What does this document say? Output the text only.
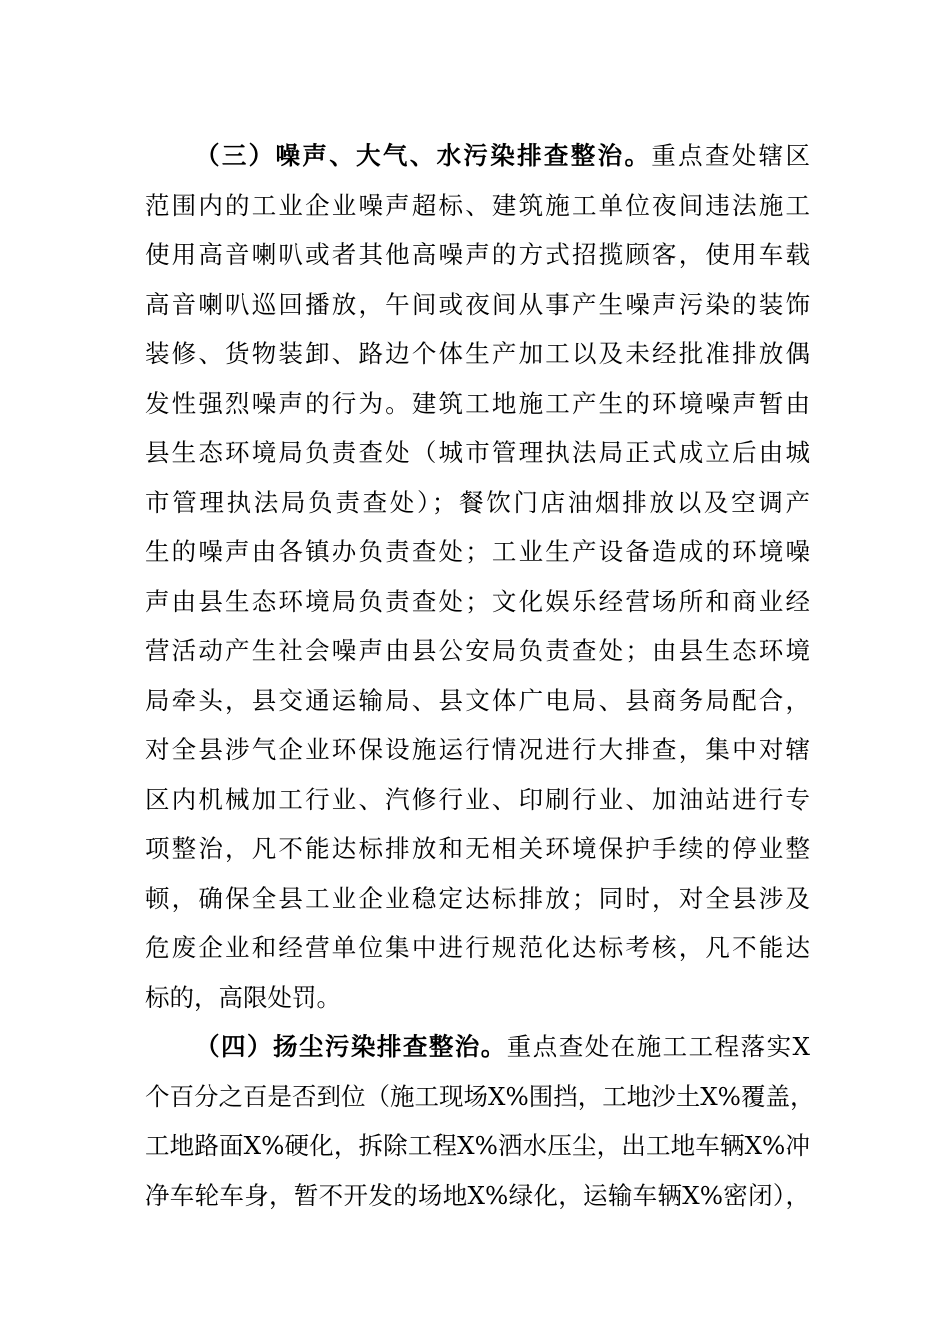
（三）噪声、大气、水污染排查整治。重点查处辖区
范围内的工业企业噪声超标、建筑施工单位夜间违法施工
使用高音喇叭或者其他高噪声的方式招揽顾客，使用车载
高音喇叭巡回播放，午间或夜间从事产生噪声污染的装饰
装修、货物装卸、路边个体生产加工以及未经批准排放偶
发性强烈噪声的行为。建筑工地施工产生的环境噪声暂由
县生态环境局负责查处（城市管理执法局正式成立后由城
市管理执法局负责查处）；餐饮门店油烟排放以及空调产
生的噪声由各镇办负责查处；工业生产设备造成的环境噪
声由县生态环境局负责查处；文化娱乐经营场所和商业经
营活动产生社会噪声由县公安局负责查处；由县生态环境
局牵头，县交通运输局、县文体广电局、县商务局配合，
对全县涉气企业环保设施运行情况进行大排查，集中对辖
区内机械加工行业、汽修行业、印刷行业、加油站进行专
项整治，凡不能达标排放和无相关环境保护手续的停业整
顿，确保全县工业企业稳定达标排放；同时，对全县涉及
危废企业和经营单位集中进行规范化达标考核，凡不能达
标的，高限处罚。
（四）扬尘污染排查整治。重点查处在施工工程落实X
个百分之百是否到位（施工现场X%围挡，工地沙土X%覆盖，
工地路面X%硬化，拆除工程X%洒水压尘，出工地车辆X%冲
净车轮车身，暂不开发的场地X%绿化，运输车辆X%密闭），
